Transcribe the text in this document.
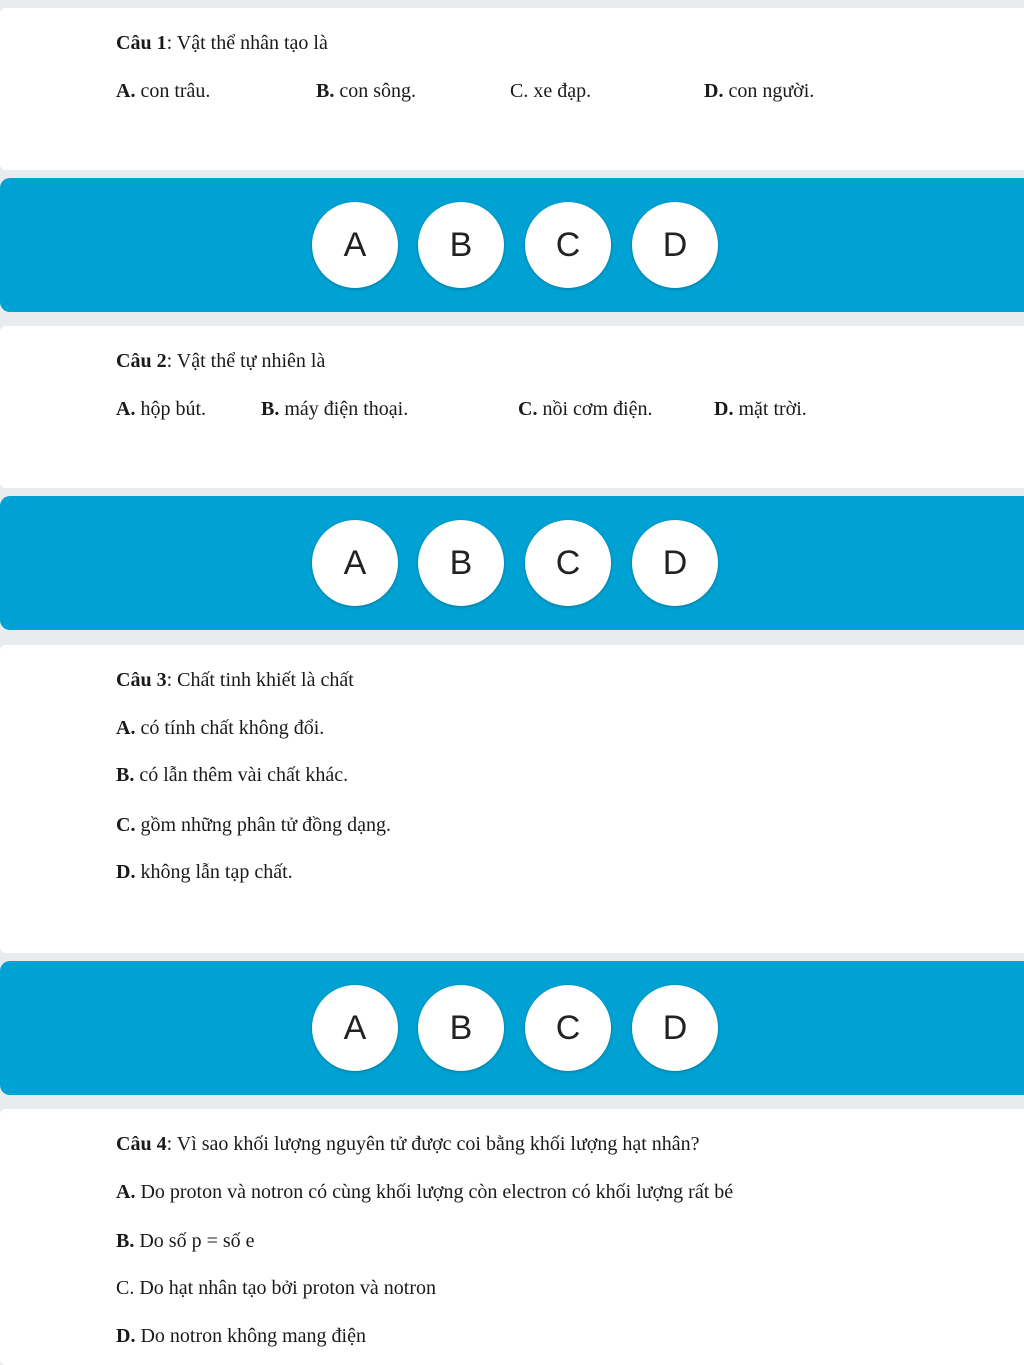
Câu 1: Vật thể nhân tạo là
A. con trâu.	B. con sông.	C. xe đạp.	D. con người.
A	B	C	D
Câu 2: Vật thể tự nhiên là
A. hộp bút.	B. máy điện thoại.	C. nồi cơm điện.	D. mặt trời.
A	B	C	D
Câu 3: Chất tinh khiết là chất
A. có tính chất không đổi.
B. có lẫn thêm vài chất khác.
C. gồm những phân tử đồng dạng.
D. không lẫn tạp chất.
A	B	C	D
Câu 4: Vì sao khối lượng nguyên tử được coi bằng khối lượng hạt nhân?
A. Do proton và notron có cùng khối lượng còn electron có khối lượng rất bé
B. Do số p = số e
C. Do hạt nhân tạo bởi proton và notron
D. Do notron không mang điện
